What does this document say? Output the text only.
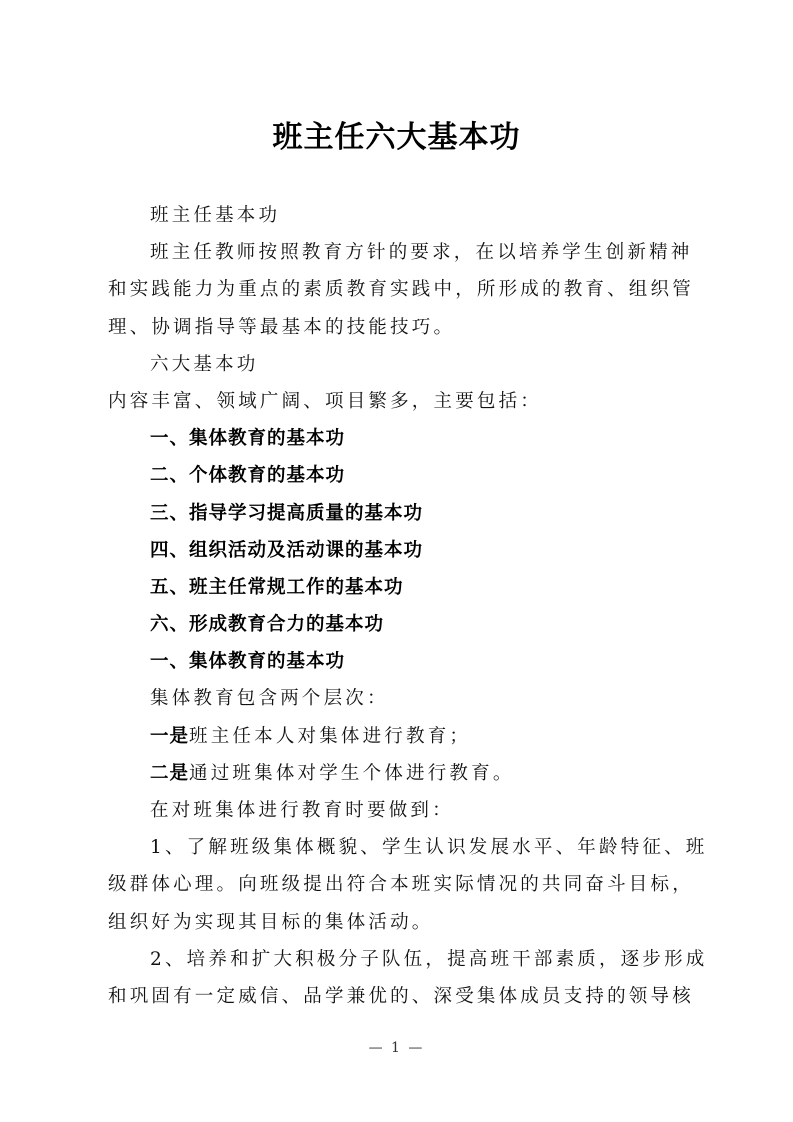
班主任六大基本功
班主任基本功
班主任教师按照教育方针的要求，在以培养学生创新精神
和实践能力为重点的素质教育实践中，所形成的教育、组织管
理、协调指导等最基本的技能技巧。
六大基本功
内容丰富、领域广阔、项目繁多，主要包括：
一、集体教育的基本功
二、个体教育的基本功
三、指导学习提高质量的基本功
四、组织活动及活动课的基本功
五、班主任常规工作的基本功
六、形成教育合力的基本功
一、集体教育的基本功
集体教育包含两个层次：
一是班主任本人对集体进行教育；
二是通过班集体对学生个体进行教育。
在对班集体进行教育时要做到：
1、了解班级集体概貌、学生认识发展水平、年龄特征、班
级群体心理。向班级提出符合本班实际情况的共同奋斗目标，
组织好为实现其目标的集体活动。
2、培养和扩大积极分子队伍，提高班干部素质，逐步形成
和巩固有一定威信、品学兼优的、深受集体成员支持的领导核
— 1 —
